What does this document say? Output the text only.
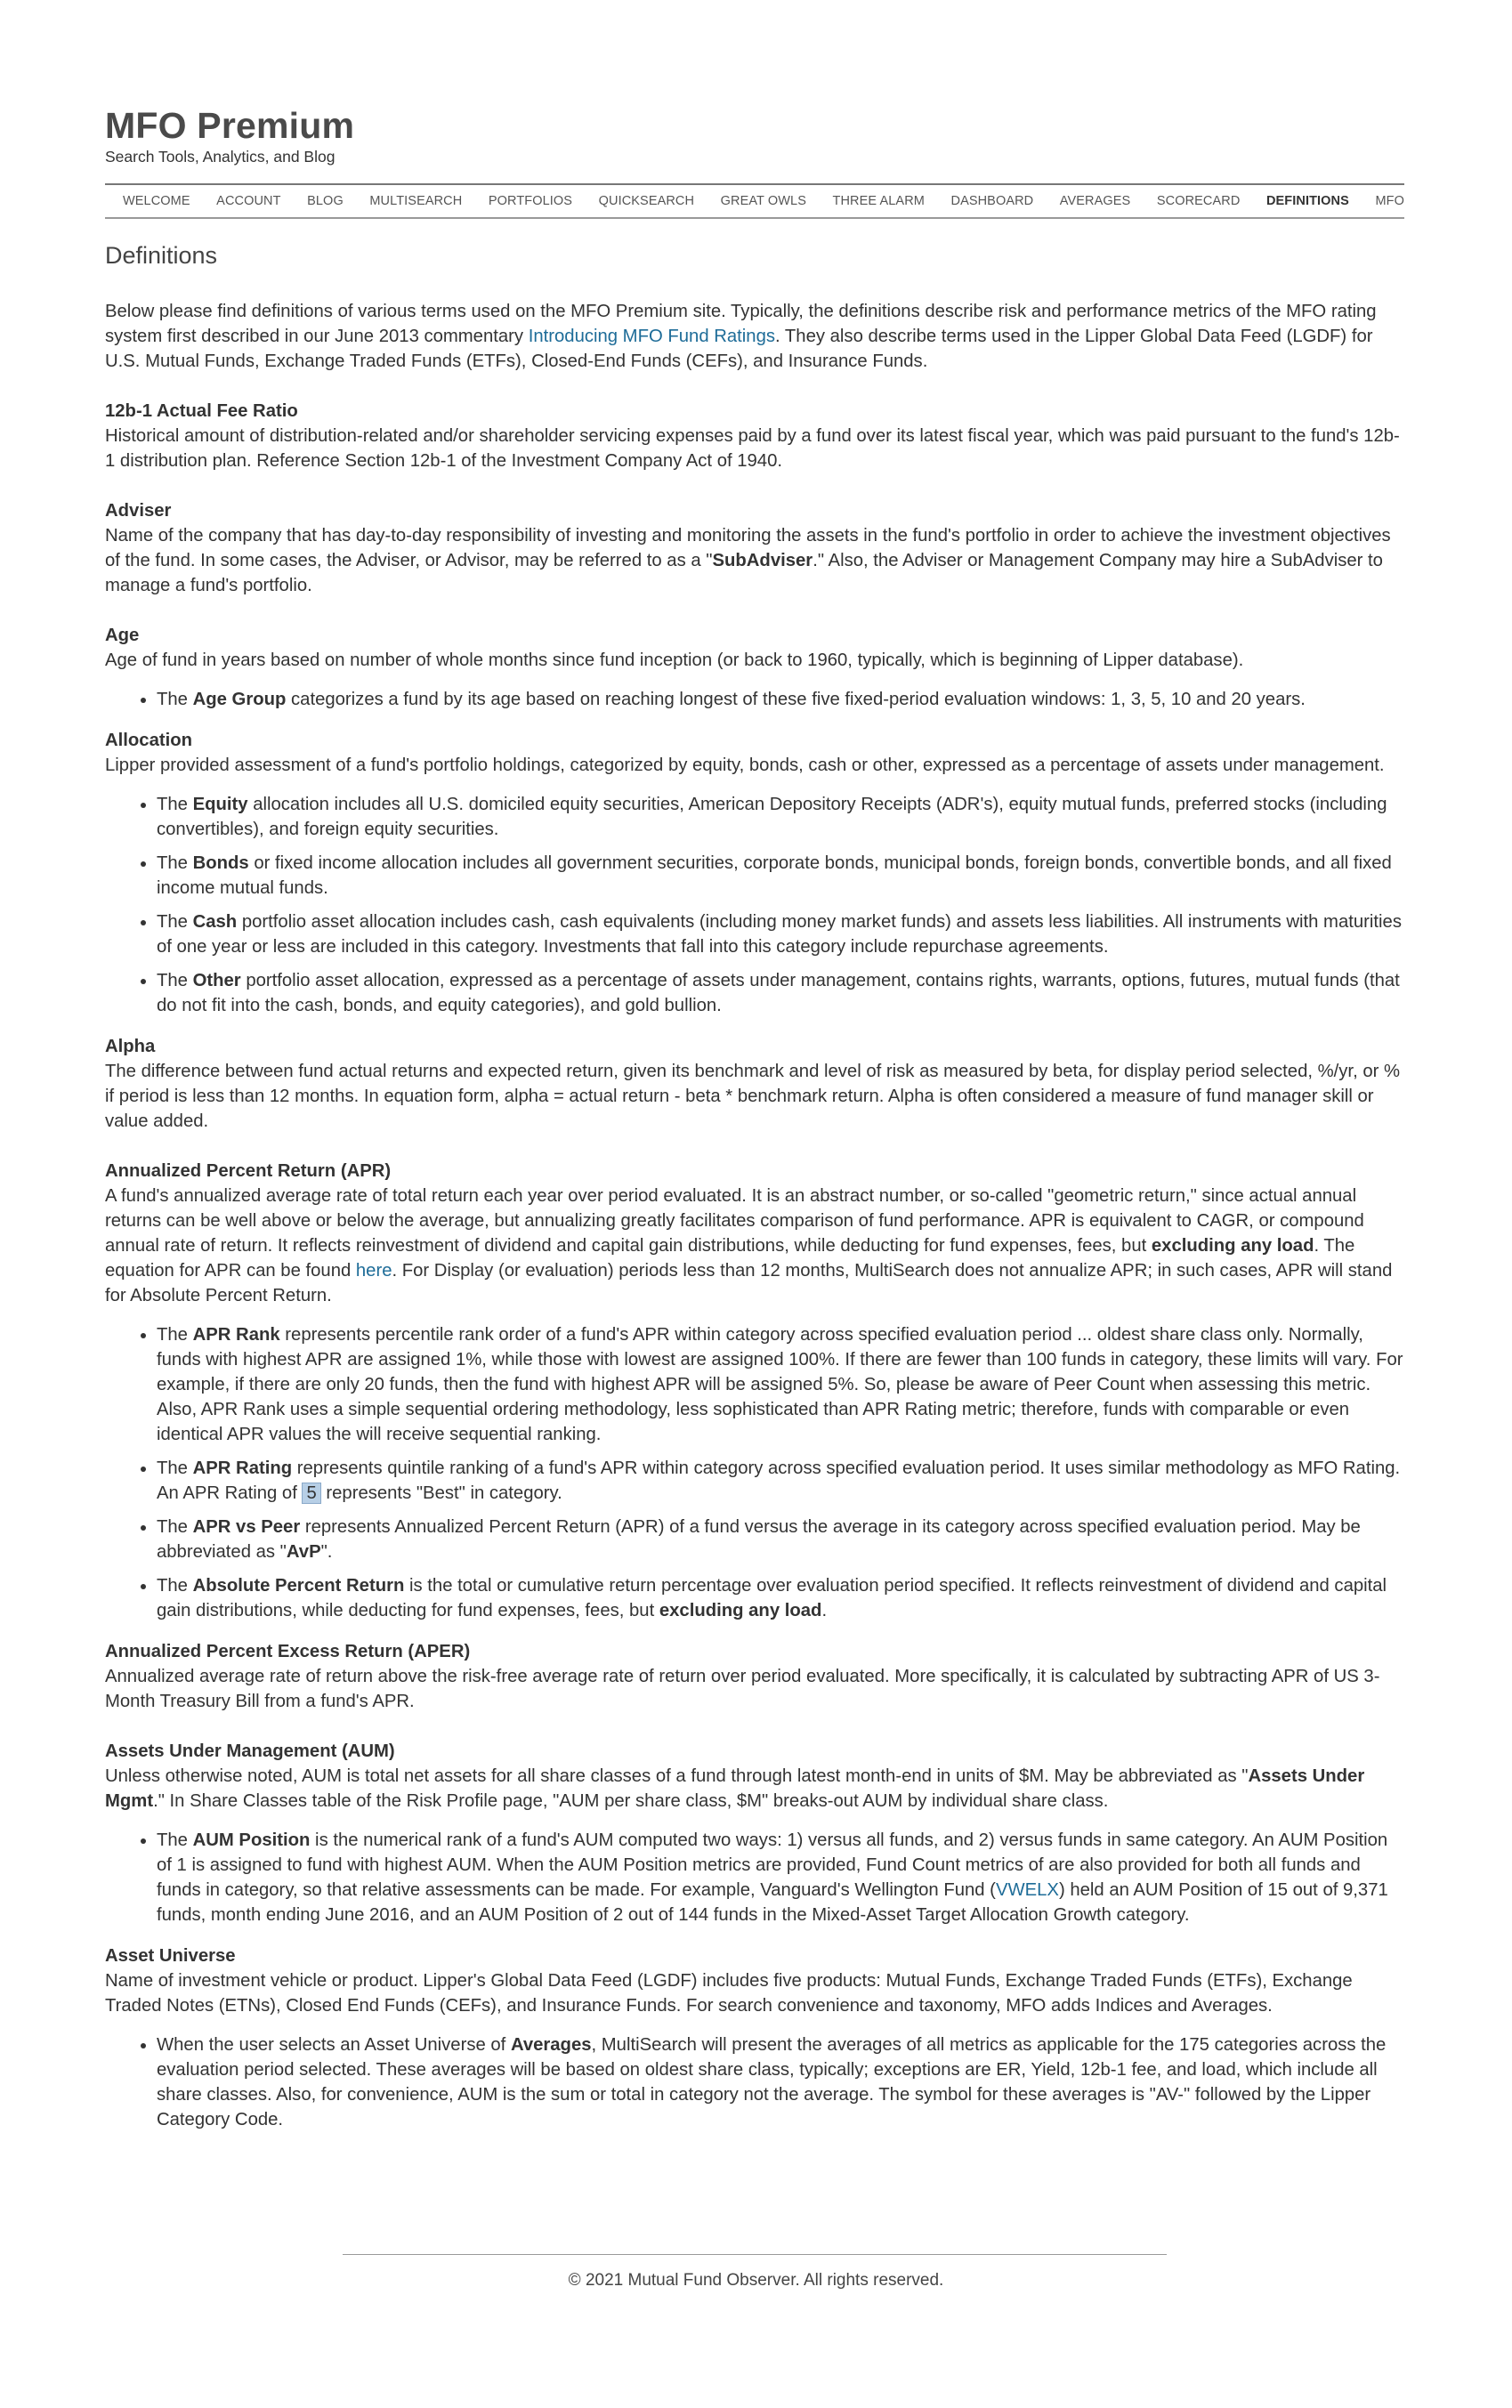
MFO Premium
Search Tools, Analytics, and Blog
WELCOME ACCOUNT BLOG MULTISEARCH PORTFOLIOS QUICKSEARCH GREAT OWLS THREE ALARM DASHBOARD AVERAGES SCORECARD DEFINITIONS MFO
Definitions

Below please find definitions of various terms used on the MFO Premium site. Typically, the definitions describe risk and performance metrics of the MFO rating system first described in our June 2013 commentary Introducing MFO Fund Ratings. They also describe terms used in the Lipper Global Data Feed (LGDF) for U.S. Mutual Funds, Exchange Traded Funds (ETFs), Closed-End Funds (CEFs), and Insurance Funds.

12b-1 Actual Fee Ratio

Historical amount of distribution-related and/or shareholder servicing expenses paid by a fund over its latest fiscal year, which was paid pursuant to the fund's 12b-1 distribution plan. Reference Section 12b-1 of the Investment Company Act of 1940.

Adviser

Name of the company that has day-to-day responsibility of investing and monitoring the assets in the fund's portfolio in order to achieve the investment objectives of the fund. In some cases, the Adviser, or Advisor, may be referred to as a "SubAdviser." Also, the Adviser or Management Company may hire a SubAdviser to manage a fund's portfolio.

Age

Age of fund in years based on number of whole months since fund inception (or back to 1960, typically, which is beginning of Lipper database).

• The Age Group categorizes a fund by its age based on reaching longest of these five fixed-period evaluation windows: 1, 3, 5, 10 and 20 years.
Allocation

Lipper provided assessment of a fund's portfolio holdings, categorized by equity, bonds, cash or other, expressed as a percentage of assets under management.

• The Equity allocation includes all U.S. domiciled equity securities, American Depository Receipts (ADR's), equity mutual funds, preferred stocks (including convertibles), and foreign equity securities.
• The Bonds or fixed income allocation includes all government securities, corporate bonds, municipal bonds, foreign bonds, convertible bonds, and all fixed income mutual funds.
• The Cash portfolio asset allocation includes cash, cash equivalents (including money market funds) and assets less liabilities. All instruments with maturities of one year or less are included in this category. Investments that fall into this category include repurchase agreements.
• The Other portfolio asset allocation, expressed as a percentage of assets under management, contains rights, warrants, options, futures, mutual funds (that do not fit into the cash, bonds, and equity categories), and gold bullion.
Alpha

The difference between fund actual returns and expected return, given its benchmark and level of risk as measured by beta, for display period selected, %/yr, or % if period is less than 12 months. In equation form, alpha = actual return - beta * benchmark return. Alpha is often considered a measure of fund manager skill or value added.

Annualized Percent Return (APR)

A fund's annualized average rate of total return each year over period evaluated. It is an abstract number, or so-called "geometric return," since actual annual returns can be well above or below the average, but annualizing greatly facilitates comparison of fund performance. APR is equivalent to CAGR, or compound annual rate of return. It reflects reinvestment of dividend and capital gain distributions, while deducting for fund expenses, fees, but excluding any load. The equation for APR can be found here. For Display (or evaluation) periods less than 12 months, MultiSearch does not annualize APR; in such cases, APR will stand for Absolute Percent Return.

• The APR Rank represents percentile rank order of a fund's APR within category across specified evaluation period ... oldest share class only. Normally, funds with highest APR are assigned 1%, while those with lowest are assigned 100%. If there are fewer than 100 funds in category, these limits will vary. For example, if there are only 20 funds, then the fund with highest APR will be assigned 5%. So, please be aware of Peer Count when assessing this metric. Also, APR Rank uses a simple sequential ordering methodology, less sophisticated than APR Rating metric; therefore, funds with comparable or even identical APR values the will receive sequential ranking.
• The APR Rating represents quintile ranking of a fund's APR within category across specified evaluation period. It uses similar methodology as MFO Rating. An APR Rating of 5 represents "Best" in category.
• The APR vs Peer represents Annualized Percent Return (APR) of a fund versus the average in its category across specified evaluation period. May be abbreviated as "AvP".
• The Absolute Percent Return is the total or cumulative return percentage over evaluation period specified. It reflects reinvestment of dividend and capital gain distributions, while deducting for fund expenses, fees, but excluding any load.
Annualized Percent Excess Return (APER)

Annualized average rate of return above the risk-free average rate of return over period evaluated. More specifically, it is calculated by subtracting APR of US 3-Month Treasury Bill from a fund's APR.

Assets Under Management (AUM)

Unless otherwise noted, AUM is total net assets for all share classes of a fund through latest month-end in units of $M. May be abbreviated as "Assets Under Mgmt." In Share Classes table of the Risk Profile page, "AUM per share class, $M" breaks-out AUM by individual share class.

• The AUM Position is the numerical rank of a fund's AUM computed two ways: 1) versus all funds, and 2) versus funds in same category. An AUM Position of 1 is assigned to fund with highest AUM. When the AUM Position metrics are provided, Fund Count metrics of are also provided for both all funds and funds in category, so that relative assessments can be made. For example, Vanguard's Wellington Fund (VWELX) held an AUM Position of 15 out of 9,371 funds, month ending June 2016, and an AUM Position of 2 out of 144 funds in the Mixed-Asset Target Allocation Growth category.
Asset Universe

Name of investment vehicle or product. Lipper's Global Data Feed (LGDF) includes five products: Mutual Funds, Exchange Traded Funds (ETFs), Exchange Traded Notes (ETNs), Closed End Funds (CEFs), and Insurance Funds. For search convenience and taxonomy, MFO adds Indices and Averages.

• When the user selects an Asset Universe of Averages, MultiSearch will present the averages of all metrics as applicable for the 175 categories across the evaluation period selected. These averages will be based on oldest share class, typically; exceptions are ER, Yield, 12b-1 fee, and load, which include all share classes. Also, for convenience, AUM is the sum or total in category not the average. The symbol for these averages is "AV-" followed by the Lipper Category Code.
© 2021 Mutual Fund Observer. All rights reserved.
